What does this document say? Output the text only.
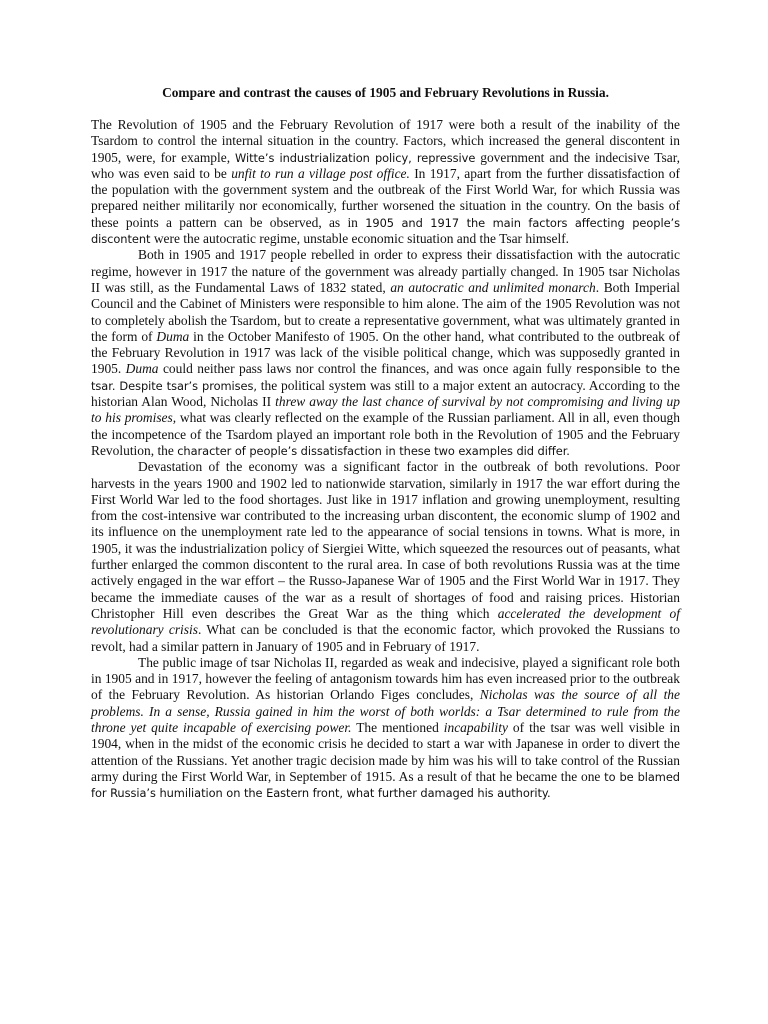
Compare and contrast the causes of 1905 and February Revolutions in Russia.

The Revolution of 1905 and the February Revolution of 1917 were both a result of the inability of the Tsardom to control the internal situation in the country. Factors, which increased the general discontent in 1905, were, for example, Witte’s industrialization policy, repressive government and the indecisive Tsar, who was even said to be unfit to run a village post office. In 1917, apart from the further dissatisfaction of the population with the government system and the outbreak of the First World War, for which Russia was prepared neither militarily nor economically, further worsened the situation in the country. On the basis of these points a pattern can be observed, as in 1905 and 1917 the main factors affecting people’s discontent were the autocratic regime, unstable economic situation and the Tsar himself.

Both in 1905 and 1917 people rebelled in order to express their dissatisfaction with the autocratic regime, however in 1917 the nature of the government was already partially changed. In 1905 tsar Nicholas II was still, as the Fundamental Laws of 1832 stated, an autocratic and unlimited monarch. Both Imperial Council and the Cabinet of Ministers were responsible to him alone. The aim of the 1905 Revolution was not to completely abolish the Tsardom, but to create a representative government, what was ultimately granted in the form of Duma in the October Manifesto of 1905. On the other hand, what contributed to the outbreak of the February Revolution in 1917 was lack of the visible political change, which was supposedly granted in 1905. Duma could neither pass laws nor control the finances, and was once again fully responsible to the tsar. Despite tsar’s promises, the political system was still to a major extent an autocracy. According to the historian Alan Wood, Nicholas II threw away the last chance of survival by not compromising and living up to his promises, what was clearly reflected on the example of the Russian parliament. All in all, even though the incompetence of the Tsardom played an important role both in the Revolution of 1905 and the February Revolution, the character of people’s dissatisfaction in these two examples did differ.

Devastation of the economy was a significant factor in the outbreak of both revolutions. Poor harvests in the years 1900 and 1902 led to nationwide starvation, similarly in 1917 the war effort during the First World War led to the food shortages. Just like in 1917 inflation and growing unemployment, resulting from the cost-intensive war contributed to the increasing urban discontent, the economic slump of 1902 and its influence on the unemployment rate led to the appearance of social tensions in towns. What is more, in 1905, it was the industrialization policy of Siergiei Witte, which squeezed the resources out of peasants, what further enlarged the common discontent to the rural area. In case of both revolutions Russia was at the time actively engaged in the war effort – the Russo-Japanese War of 1905 and the First World War in 1917. They became the immediate causes of the war as a result of shortages of food and raising prices. Historian Christopher Hill even describes the Great War as the thing which accelerated the development of revolutionary crisis. What can be concluded is that the economic factor, which provoked the Russians to revolt, had a similar pattern in January of 1905 and in February of 1917.

The public image of tsar Nicholas II, regarded as weak and indecisive, played a significant role both in 1905 and in 1917, however the feeling of antagonism towards him has even increased prior to the outbreak of the February Revolution. As historian Orlando Figes concludes, Nicholas was the source of all the problems. In a sense, Russia gained in him the worst of both worlds: a Tsar determined to rule from the throne yet quite incapable of exercising power. The mentioned incapability of the tsar was well visible in 1904, when in the midst of the economic crisis he decided to start a war with Japanese in order to divert the attention of the Russians. Yet another tragic decision made by him was his will to take control of the Russian army during the First World War, in September of 1915. As a result of that he became the one to be blamed for Russia’s humiliation on the Eastern front, what further damaged his authority.
